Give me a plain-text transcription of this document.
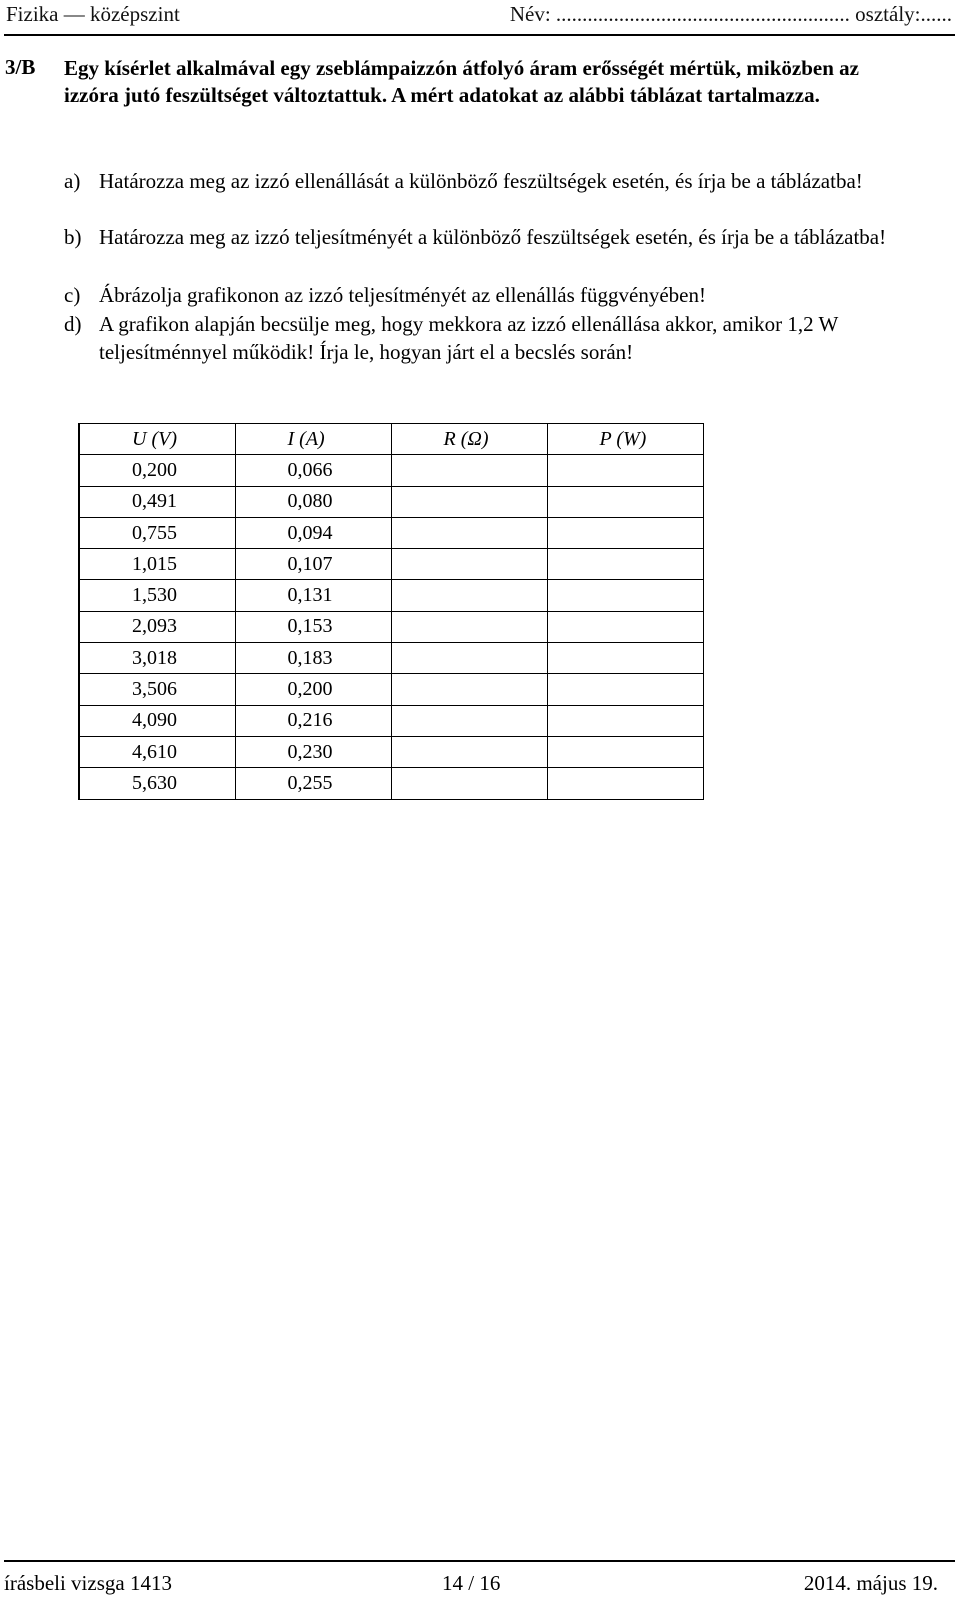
Fizika — középszint	Név: ........................................................ osztály:......
3/B Egy kísérlet alkalmával egy zseblámpaizzón átfolyó áram erősségét mértük, miközben az izzóra jutó feszültséget változtattuk. A mért adatokat az alábbi táblázat tartalmazza.
a) Határozza meg az izzó ellenállását a különböző feszültségek esetén, és írja be a táblázatba!
b) Határozza meg az izzó teljesítményét a különböző feszültségek esetén, és írja be a táblázatba!
c) Ábrázolja grafikonon az izzó teljesítményét az ellenállás függvényében!
d) A grafikon alapján becsülje meg, hogy mekkora az izzó ellenállása akkor, amikor 1,2 W teljesítménnyel működik! Írja le, hogyan járt el a becslés során!
U (V)	I (A)	R (Ω)	P (W)
0,200	0,066		
0,491	0,080		
0,755	0,094		
1,015	0,107		
1,530	0,131		
2,093	0,153		
3,018	0,183		
3,506	0,200		
4,090	0,216		
4,610	0,230		
5,630	0,255		
írásbeli vizsga 1413	14 / 16	2014. május 19.
